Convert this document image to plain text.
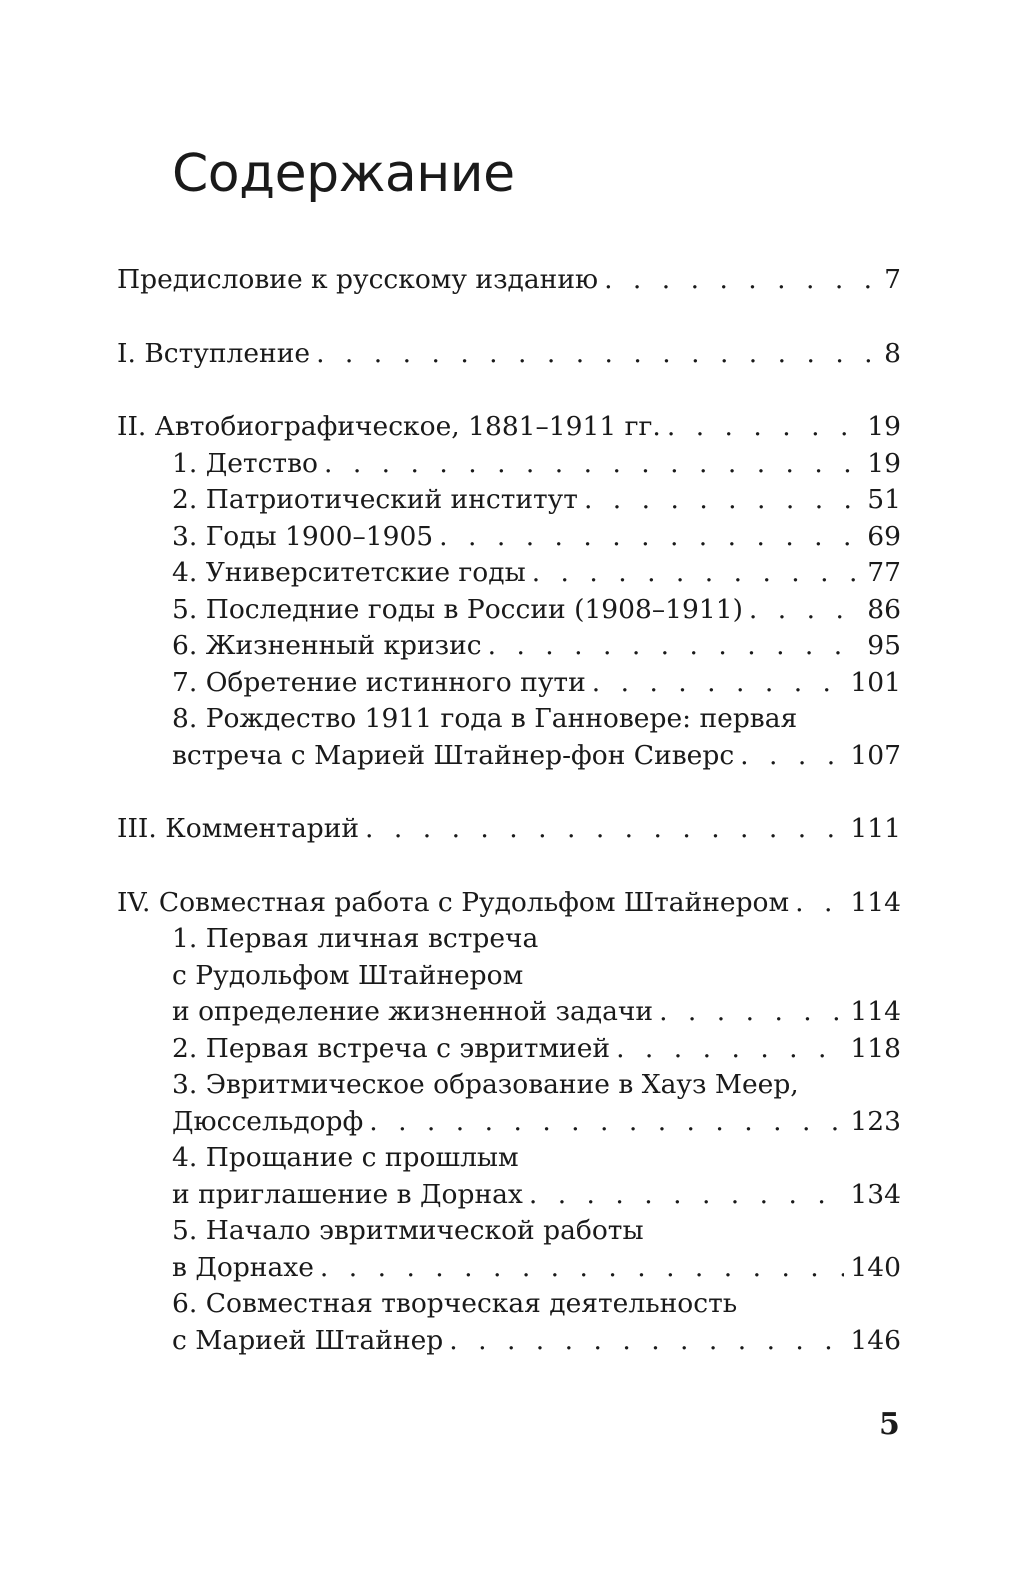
Содержание
Предисловие к русскому изданию . . .	7
I. Вступление . . .	8
II. Автобиографическое, 1881–1911 гг. . . .	19
1. Детство . . .	19
2. Патриотический институт . . .	51
3. Годы 1900–1905 . . .	69
4. Университетские годы . . .	77
5. Последние годы в России (1908–1911) . . .	86
6. Жизненный кризис . . .	95
7. Обретение истинного пути . . .	101
8. Рождество 1911 года в Ганновере: первая
встреча с Марией Штайнер-фон Сиверс . . .	107
III. Комментарий . . .	111
IV. Совместная работа с Рудольфом Штайнером . . . 114
1. Первая личная встреча
с Рудольфом Штайнером
и определение жизненной задачи . . .	114
2. Первая встреча с эвритмией . . .	118
3. Эвритмическое образование в Хауз Меер,
Дюссельдорф . . .	123
4. Прощание с прошлым
и приглашение в Дорнах . . .	134
5. Начало эвритмической работы
в Дорнахе . . .	140
6. Совместная творческая деятельность
с Марией Штайнер . . .	146
5
